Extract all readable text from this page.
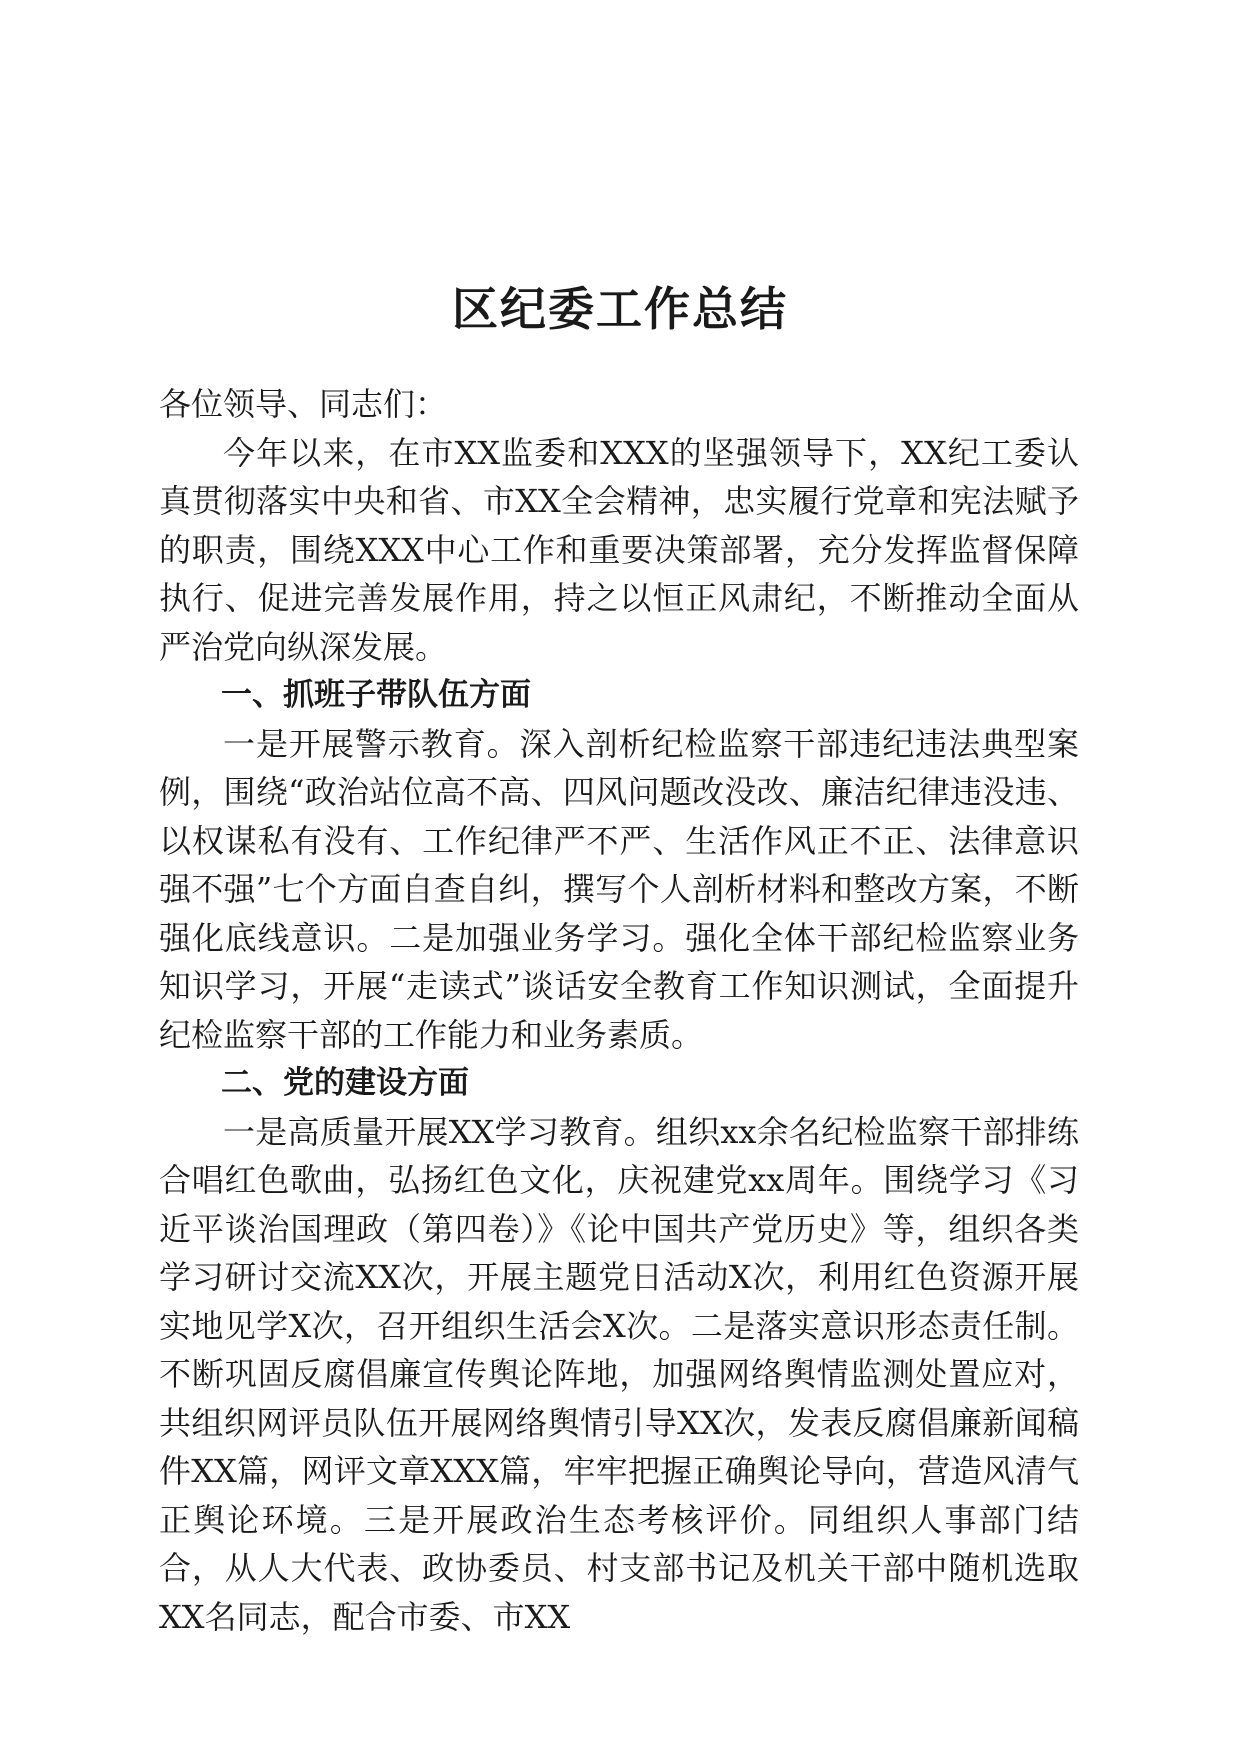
区纪委工作总结

各位领导、同志们：

今年以来，在市XX监委和XXX的坚强领导下，XX纪工委认真贯彻落实中央和省、市XX全会精神，忠实履行党章和宪法赋予的职责，围绕XXX中心工作和重要决策部署，充分发挥监督保障执行、促进完善发展作用，持之以恒正风肃纪，不断推动全面从严治党向纵深发展。

一、抓班子带队伍方面

一是开展警示教育。深入剖析纪检监察干部违纪违法典型案例，围绕“政治站位高不高、四风问题改没改、廉洁纪律违没违、以权谋私有没有、工作纪律严不严、生活作风正不正、法律意识强不强”七个方面自查自纠，撰写个人剖析材料和整改方案，不断强化底线意识。二是加强业务学习。强化全体干部纪检监察业务知识学习，开展“走读式”谈话安全教育工作知识测试，全面提升纪检监察干部的工作能力和业务素质。

二、党的建设方面

一是高质量开展XX学习教育。组织xx余名纪检监察干部排练合唱红色歌曲，弘扬红色文化，庆祝建党xx周年。围绕学习《习近平谈治国理政（第四卷）》《论中国共产党历史》等，组织各类学习研讨交流XX次，开展主题党日活动X次，利用红色资源开展实地见学X次，召开组织生活会X次。二是落实意识形态责任制。不断巩固反腐倡廉宣传舆论阵地，加强网络舆情监测处置应对，共组织网评员队伍开展网络舆情引导XX次，发表反腐倡廉新闻稿件XX篇，网评文章XXX篇，牢牢把握正确舆论导向，营造风清气正舆论环境。三是开展政治生态考核评价。同组织人事部门结合，从人大代表、政协委员、村支部书记及机关干部中随机选取XX名同志，配合市委、市XX
